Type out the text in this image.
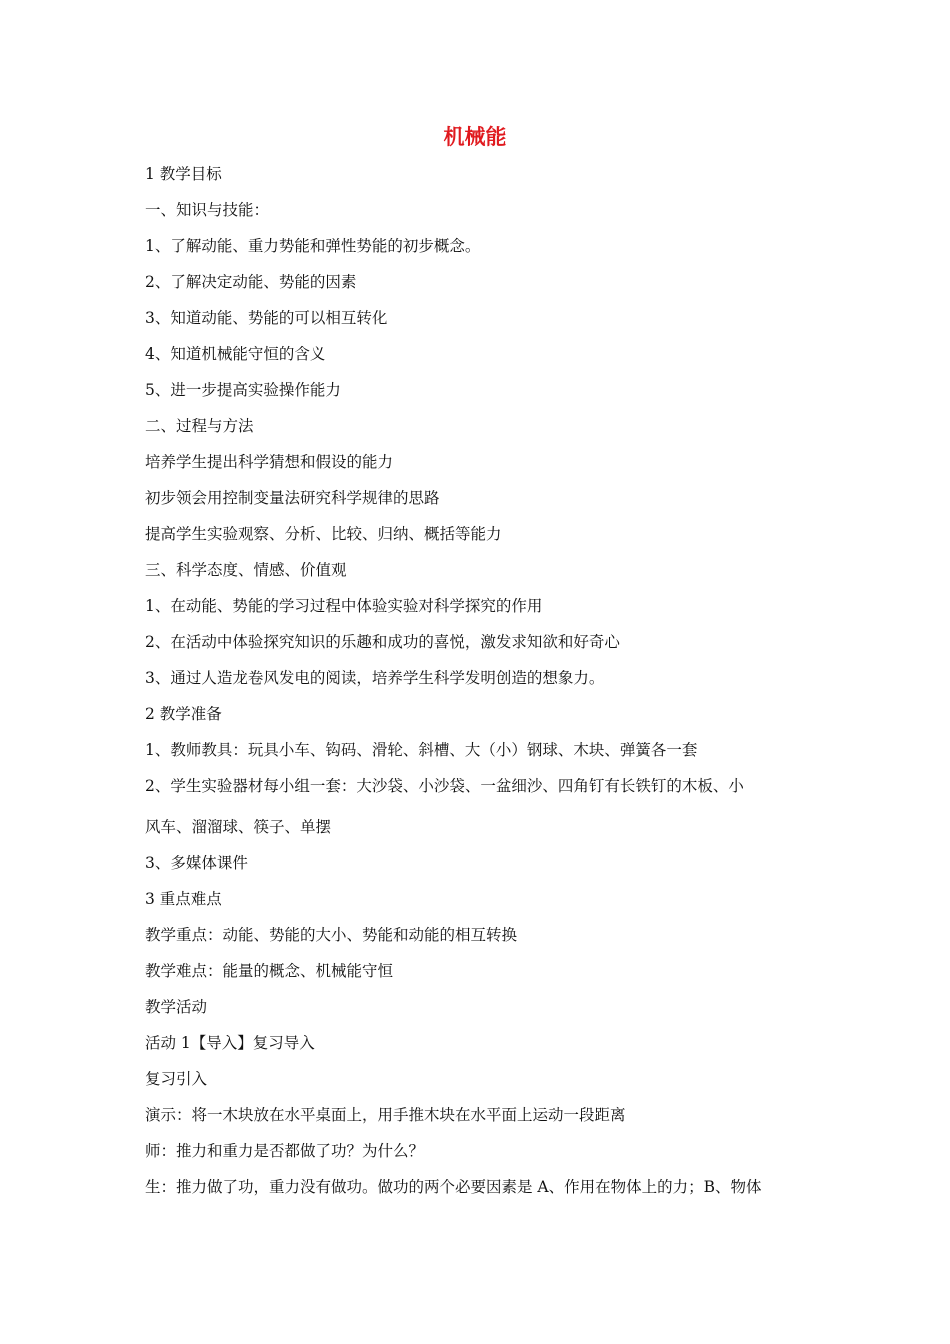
机械能
1 教学目标
一、知识与技能：
1、了解动能、重力势能和弹性势能的初步概念。
2、了解决定动能、势能的因素
3、知道动能、势能的可以相互转化
4、知道机械能守恒的含义
5、进一步提高实验操作能力
二、过程与方法
培养学生提出科学猜想和假设的能力
初步领会用控制变量法研究科学规律的思路
提高学生实验观察、分析、比较、归纳、概括等能力
三、科学态度、情感、价值观
1、在动能、势能的学习过程中体验实验对科学探究的作用
2、在活动中体验探究知识的乐趣和成功的喜悦，激发求知欲和好奇心
3、通过人造龙卷风发电的阅读，培养学生科学发明创造的想象力。
2 教学准备
1、教师教具：玩具小车、钩码、滑轮、斜槽、大（小）钢球、木块、弹簧各一套
2、学生实验器材每小组一套：大沙袋、小沙袋、一盆细沙、四角钉有长铁钉的木板、小
风车、溜溜球、筷子、单摆
3、多媒体课件
3 重点难点
教学重点：动能、势能的大小、势能和动能的相互转换
教学难点：能量的概念、机械能守恒
教学活动
活动 1【导入】复习导入
复习引入
演示：将一木块放在水平桌面上，用手推木块在水平面上运动一段距离
师：推力和重力是否都做了功？为什么？
生：推力做了功，重力没有做功。做功的两个必要因素是 A、作用在物体上的力；B、物体
